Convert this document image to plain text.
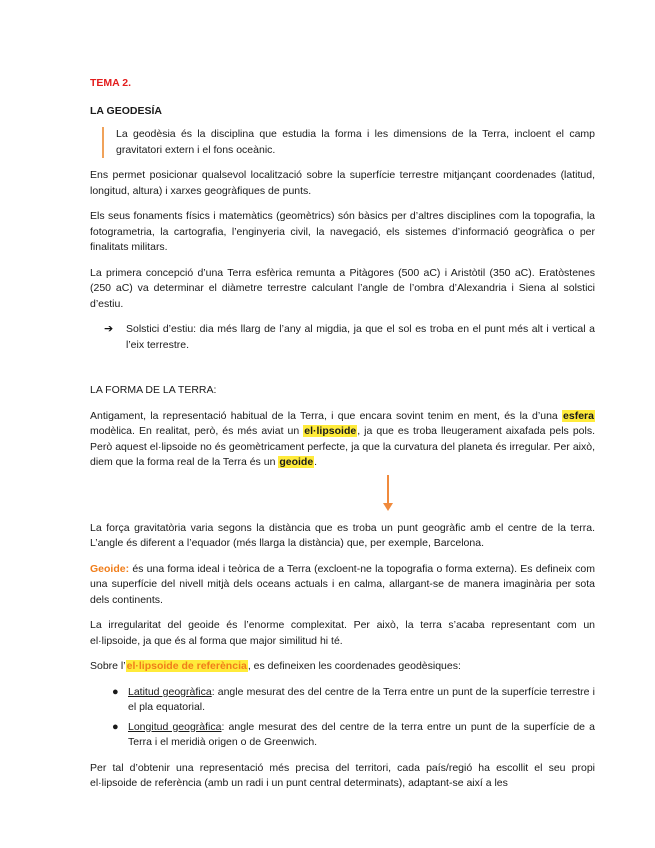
TEMA 2.
LA GEODESÍA
La geodèsia és la disciplina que estudia la forma i les dimensions de la Terra, incloent el camp gravitatori extern i el fons oceànic.

Ens permet posicionar qualsevol localització sobre la superfície terrestre mitjançant coordenades (latitud, longitud, altura) i xarxes geogràfiques de punts.

Els seus fonaments físics i matemàtics (geomètrics) són bàsics per d’altres disciplines com la topografia, la fotogrametria, la cartografia, l’enginyeria civil, la navegació, els sistemes d’informació geogràfica o per finalitats militars.

La primera concepció d’una Terra esfèrica remunta a Pitàgores (500 aC) i Aristòtil (350 aC). Eratòstenes (250 aC) va determinar el diàmetre terrestre calculant l’angle de l’ombra d’Alexandria i Siena al solstici d’estiu.

➔	Solstici d’estiu: dia més llarg de l’any al migdia, ja que el sol es troba en el punt més alt i vertical a l’eix terrestre.
LA FORMA DE LA TERRA:

Antigament, la representació habitual de la Terra, i que encara sovint tenim en ment, és la d’una esfera modèlica. En realitat, però, és més aviat un el·lipsoide, ja que es troba lleugerament aixafada pels pols. Però aquest el·lipsoide no és geomètricament perfecte, ja que la curvatura del planeta és irregular. Per això, diem que la forma real de la Terra és un geoide.

La força gravitatòria varia segons la distància que es troba un punt geogràfic amb el centre de la terra. L’angle és diferent a l’equador (més llarga la distància) que, per exemple, Barcelona.

Geoide: és una forma ideal i teòrica de a Terra (excloent-ne la topografia o forma externa). Es defineix com una superfície del nivell mitjà dels oceans actuals i en calma, allargant-se de manera imaginària per sota dels continents.

La irregularitat del geoide és l’enorme complexitat. Per això, la terra s’acaba representant com un el·lipsoide, ja que és al forma que major similitud hi té.

Sobre l’el·lipsoide de referència, es defineixen les coordenades geodèsiques:

● Latitud geogràfica: angle mesurat des del centre de la Terra entre un punt de la superfície terrestre i el pla equatorial.
● Longitud geogràfica: angle mesurat des del centre de la terra entre un punt de la superfície de a Terra i el meridià origen o de Greenwich.

Per tal d’obtenir una representació més precisa del territori, cada país/regió ha escollit el seu propi el·lipsoide de referència (amb un radi i un punt central determinats), adaptant-se així a les
